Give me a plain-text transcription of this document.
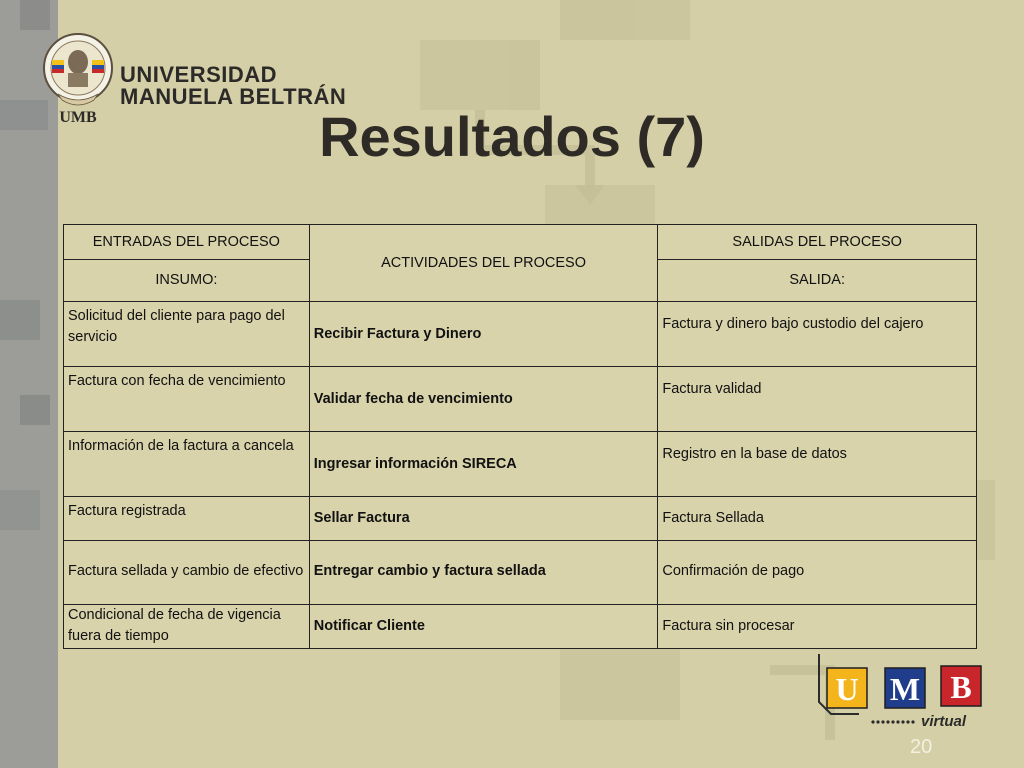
UMB
UNIVERSIDAD
MANUELA BELTRÁN
Resultados (7)
ENTRADAS DEL PROCESO	ACTIVIDADES DEL PROCESO	SALIDAS DEL PROCESO
INSUMO:		SALIDA:
Solicitud del cliente para pago del servicio	Recibir Factura y Dinero	Factura y dinero bajo custodio del cajero
Factura con fecha de vencimiento	Validar fecha de vencimiento	Factura validad
Información de la factura a cancela	Ingresar información SIRECA	Registro en la base de datos
Factura registrada	Sellar Factura	Factura Sellada
Factura sellada y cambio de efectivo	Entregar cambio y factura sellada	Confirmación de pago
Condicional de fecha de vigencia fuera de tiempo	Notificar Cliente	Factura sin procesar
U M B
virtual
20
